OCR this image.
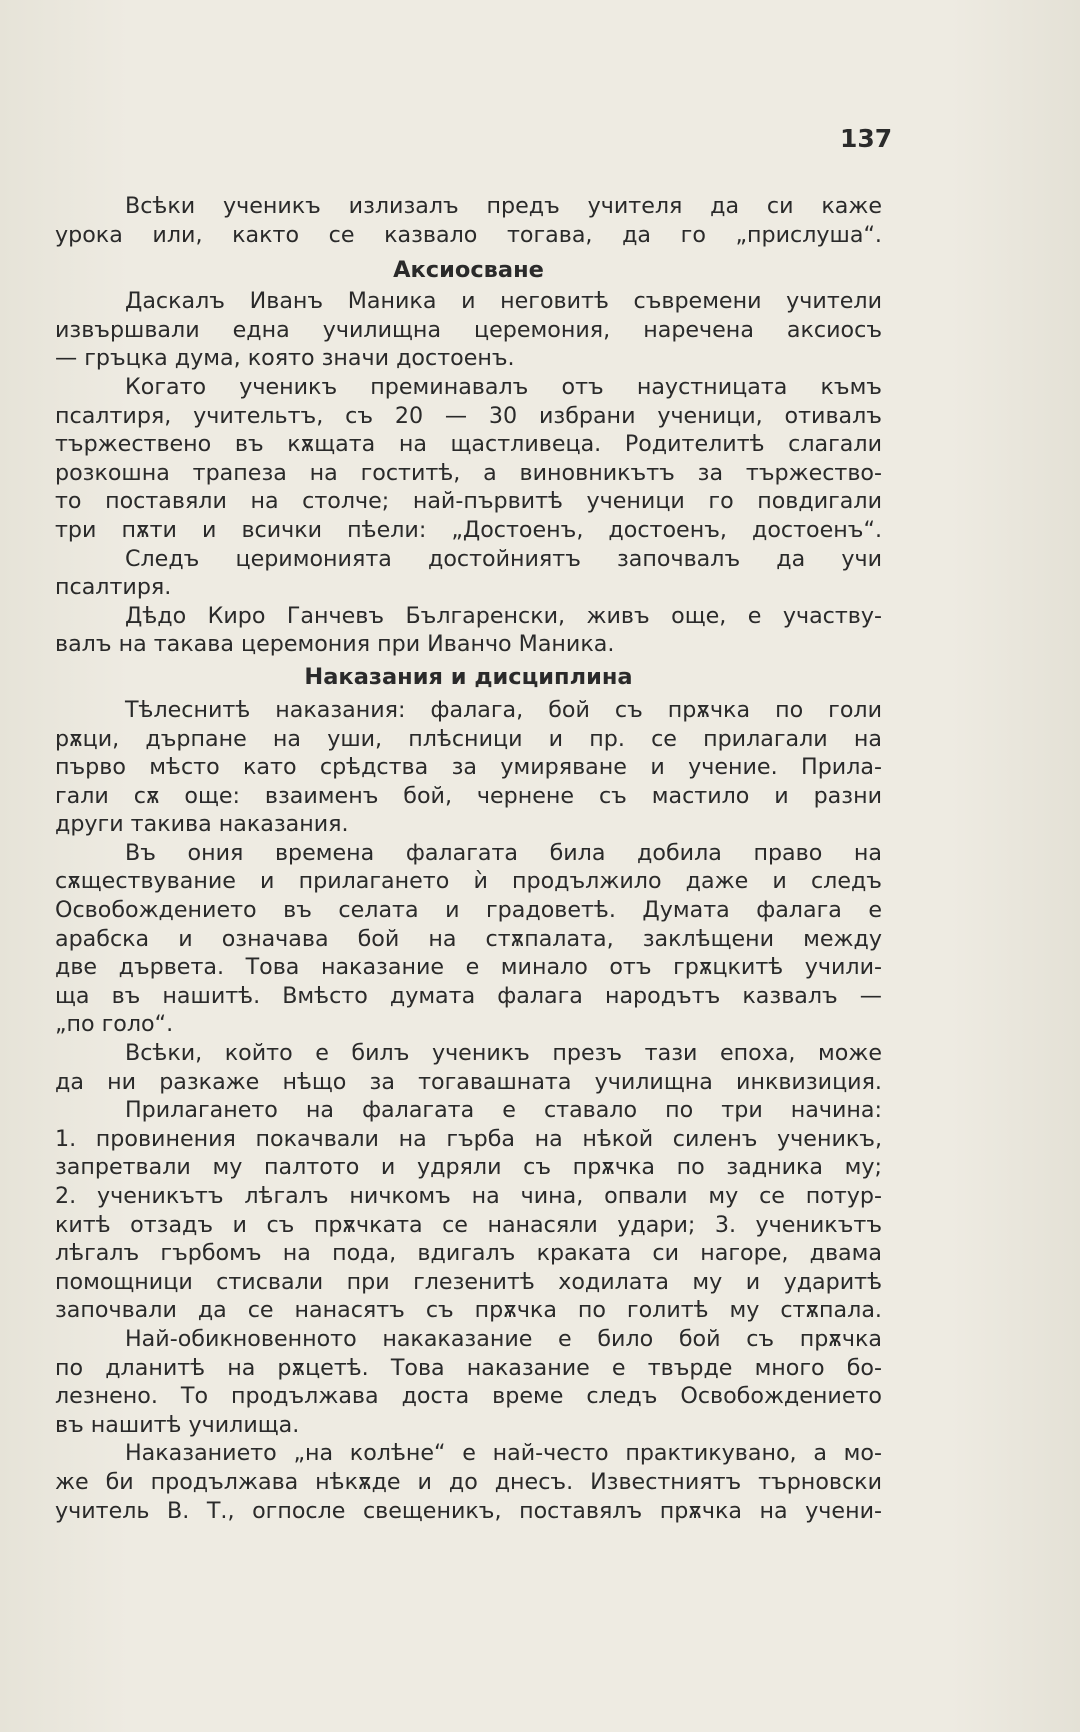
137
Всѣки ученикъ излизалъ предъ учителя да си каже
урока или, както се казвало тогава, да го „прислуша“.
Аксиосване
Даскалъ Иванъ Маника и неговитѣ съвремени учители
извършвали една училищна церемония, наречена аксиосъ
— гръцка дума, която значи достоенъ.
Когато ученикъ преминавалъ отъ наустницата къмъ
псалтиря, учительтъ, съ 20 — 30 избрани ученици, отивалъ
тържествено въ кѫщата на щастливеца. Родителитѣ слагали
розкошна трапеза на гоститѣ, а виновникътъ за тържество-
то поставяли на столче; най-първитѣ ученици го повдигали
три пѫти и всички пѣели: „Достоенъ, достоенъ, достоенъ“.
Следъ церимонията достойниятъ започвалъ да учи
псалтиря.
Дѣдо Киро Ганчевъ Българенски, живъ още, е участву-
валъ на такава церемония при Иванчо Маника.
Наказания и дисциплина
Тѣлеснитѣ наказания: фалага, бой съ прѫчка по голи
рѫци, дърпане на уши, плѣсници и пр. се прилагали на
първо мѣсто като срѣдства за умиряване и учение. Прила-
гали сѫ още: взаименъ бой, чернене съ мастило и разни
други такива наказания.
Въ ония времена фалагата била добила право на
сѫществувание и прилагането ѝ продължило даже и следъ
Освобождението въ селата и градоветѣ. Думата фалага е
арабска и означава бой на стѫпалата, заклѣщени между
две дървета. Това наказание е минало отъ грѫцкитѣ учили-
ща въ нашитѣ. Вмѣсто думата фалага народътъ казвалъ —
„по голо“.
Всѣки, който е билъ ученикъ презъ тази епоха, може
да ни разкаже нѣщо за тогавашната училищна инквизиция.
Прилагането на фалагата е ставало по три начина:
1. провинения покачвали на гърба на нѣкой силенъ ученикъ,
запретвали му палтото и удряли съ прѫчка по задника му;
2. ученикътъ лѣгалъ ничкомъ на чина, опвали му се потур-
китѣ отзадъ и съ прѫчката се нанасяли удари; 3. ученикътъ
лѣгалъ гърбомъ на пода, вдигалъ краката си нагоре, двама
помощници стисвали при глезенитѣ ходилата му и ударитѣ
започвали да се нанасятъ съ прѫчка по голитѣ му стѫпала.
Най-обикновенното накаказание е било бой съ прѫчка
по дланитѣ на рѫцетѣ. Това наказание е твърде много бо-
лезнено. То продължава доста време следъ Освобождението
въ нашитѣ училища.
Наказанието „на колѣне“ е най-често практикувано, а мо-
же би продължава нѣкѫде и до днесъ. Известниятъ търновски
учитель В. Т., огпосле свещеникъ, поставялъ прѫчка на учени-
